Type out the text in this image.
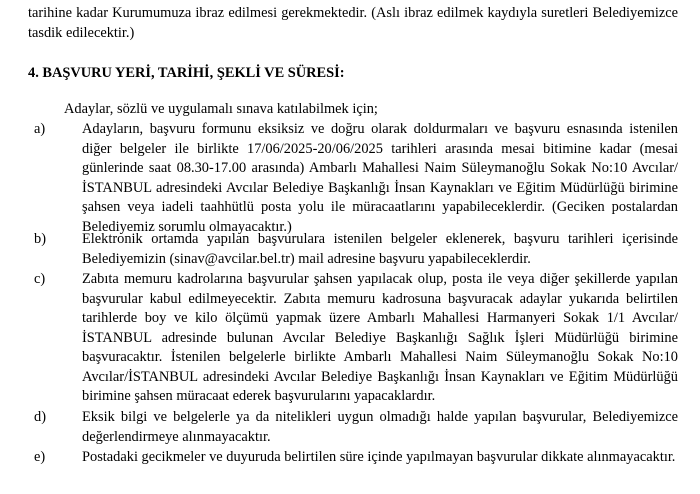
tarihine kadar Kurumumuza ibraz edilmesi gerekmektedir. (Aslı ibraz edilmek kaydıyla suretleri Belediyemizce tasdik edilecektir.)
4. BAŞVURU YERİ, TARİHİ, ŞEKLİ VE SÜRESİ:
Adaylar, sözlü ve uygulamalı sınava katılabilmek için;
a)	Adayların, başvuru formunu eksiksiz ve doğru olarak doldurmaları ve başvuru esnasında istenilen diğer belgeler ile birlikte 17/06/2025-20/06/2025 tarihleri arasında mesai bitimine kadar (mesai günlerinde saat 08.30-17.00 arasında) Ambarlı Mahallesi Naim Süleymanoğlu Sokak No:10 Avcılar/İSTANBUL adresindeki Avcılar Belediye Başkanlığı İnsan Kaynakları ve Eğitim Müdürlüğü birimine şahsen veya iadeli taahhütlü posta yolu ile müracaatlarını yapabileceklerdir. (Geciken postalardan Belediyemiz sorumlu olmayacaktır.)
b)	Elektronik ortamda yapılan başvurulara istenilen belgeler eklenerek, başvuru tarihleri içerisinde Belediyemizin (sinav@avcilar.bel.tr) mail adresine başvuru yapabileceklerdir.
c)	Zabıta memuru kadrolarına başvurular şahsen yapılacak olup, posta ile veya diğer şekillerde yapılan başvurular kabul edilmeyecektir. Zabıta memuru kadrosuna başvuracak adaylar yukarıda belirtilen tarihlerde boy ve kilo ölçümü yapmak üzere Ambarlı Mahallesi Harmanyeri Sokak 1/1 Avcılar/İSTANBUL adresinde bulunan Avcılar Belediye Başkanlığı Sağlık İşleri Müdürlüğü birimine başvuracaktır. İstenilen belgelerle birlikte Ambarlı Mahallesi Naim Süleymanoğlu Sokak No:10 Avcılar/İSTANBUL adresindeki Avcılar Belediye Başkanlığı İnsan Kaynakları ve Eğitim Müdürlüğü birimine şahsen müracaat ederek başvurularını yapacaklardır.
d)	Eksik bilgi ve belgelerle ya da nitelikleri uygun olmadığı halde yapılan başvurular, Belediyemizce değerlendirmeye alınmayacaktır.
e)	Postadaki gecikmeler ve duyuruda belirtilen süre içinde yapılmayan başvurular dikkate alınmayacaktır.
